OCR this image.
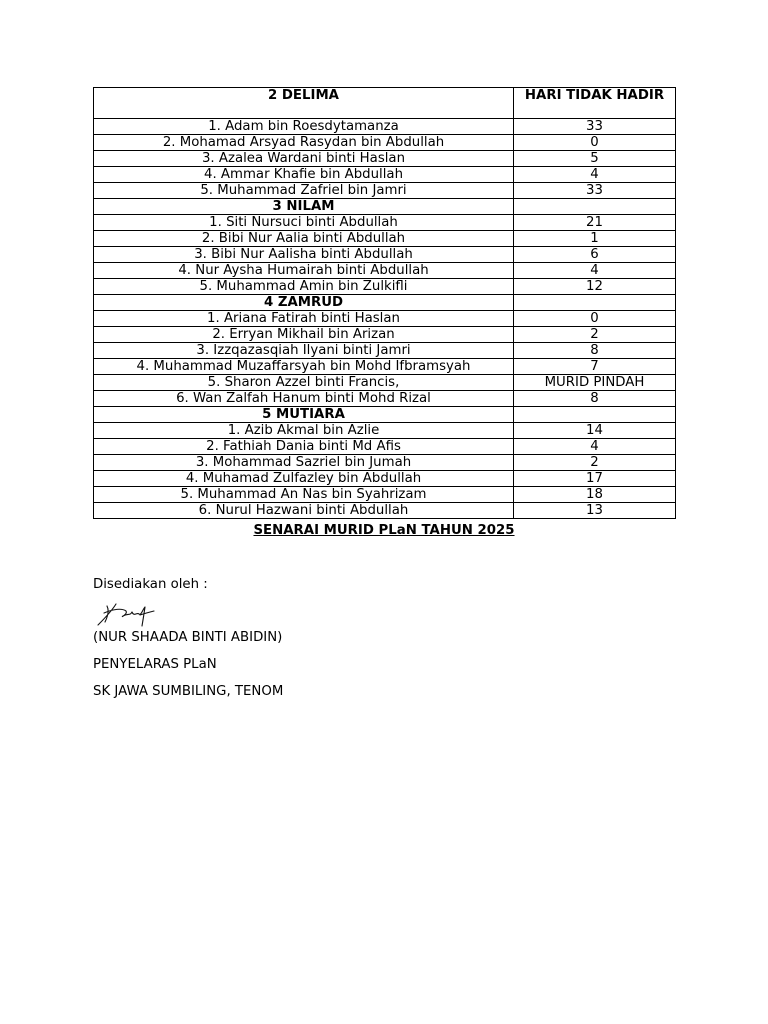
2 DELIMA	HARI TIDAK HADIR
1. Adam bin Roesdytamanza	33
2. Mohamad Arsyad Rasydan bin Abdullah	0
3. Azalea Wardani binti Haslan	5
4. Ammar Khafie bin Abdullah	4
5. Muhammad Zafriel bin Jamri	33
3 NILAM	
1. Siti Nursuci binti Abdullah	21
2. Bibi Nur Aalia binti Abdullah	1
3. Bibi Nur Aalisha binti Abdullah	6
4. Nur Aysha Humairah binti Abdullah	4
5. Muhammad Amin bin Zulkifli	12
4 ZAMRUD	
1. Ariana Fatirah binti Haslan	0
2. Erryan Mikhail bin Arizan	2
3. Izzqazasqiah Ilyani binti Jamri	8
4. Muhammad Muzaffarsyah bin Mohd Ifbramsyah	7
5. Sharon Azzel binti Francis,	MURID PINDAH
6. Wan Zalfah Hanum binti Mohd Rizal	8
5 MUTIARA	
1. Azib Akmal bin Azlie	14
2. Fathiah Dania binti Md Afis	4
3. Mohammad Sazriel bin Jumah	2
4. Muhamad Zulfazley bin Abdullah	17
5. Muhammad An Nas bin Syahrizam	18
6. Nurul Hazwani binti Abdullah	13
SENARAI MURID PLaN TAHUN 2025
Disediakan oleh :
(NUR SHAADA BINTI ABIDIN)
PENYELARAS PLaN
SK JAWA SUMBILING, TENOM
